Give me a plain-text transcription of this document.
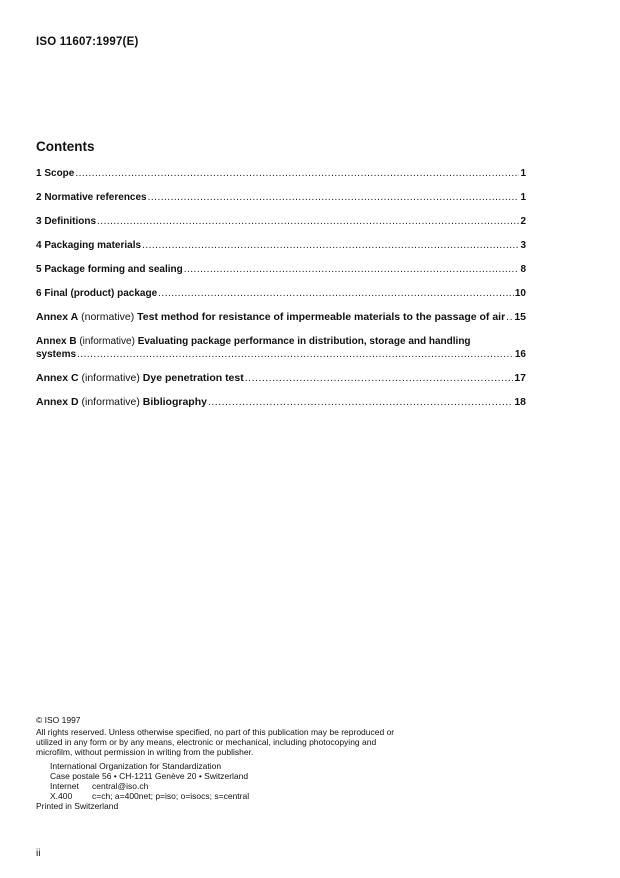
ISO 11607:1997(E)
Contents
1 Scope .....	1
2 Normative references .....	1
3 Definitions .....	2
4 Packaging materials .....	3
5 Package forming and sealing .....	8
6 Final (product) package .....	10
Annex A (normative) Test method for resistance of impermeable materials to the passage of air ..... 15
Annex B (informative) Evaluating package performance in distribution, storage and handling
systems .....	16
Annex C (informative) Dye penetration test .....	17
Annex D (informative) Bibliography .....	18

© ISO 1997

All rights reserved. Unless otherwise specified, no part of this publication may be reproduced or utilized in any form or by any means, electronic or mechanical, including photocopying and microfilm, without permission in writing from the publisher.

International Organization for Standardization

Case postale 56 • CH-1211 Genève 20 • Switzerland

Internet	central@iso.ch
X.400	c=ch; a=400net; p=iso; o=isocs; s=central

Printed in Switzerland

ii
